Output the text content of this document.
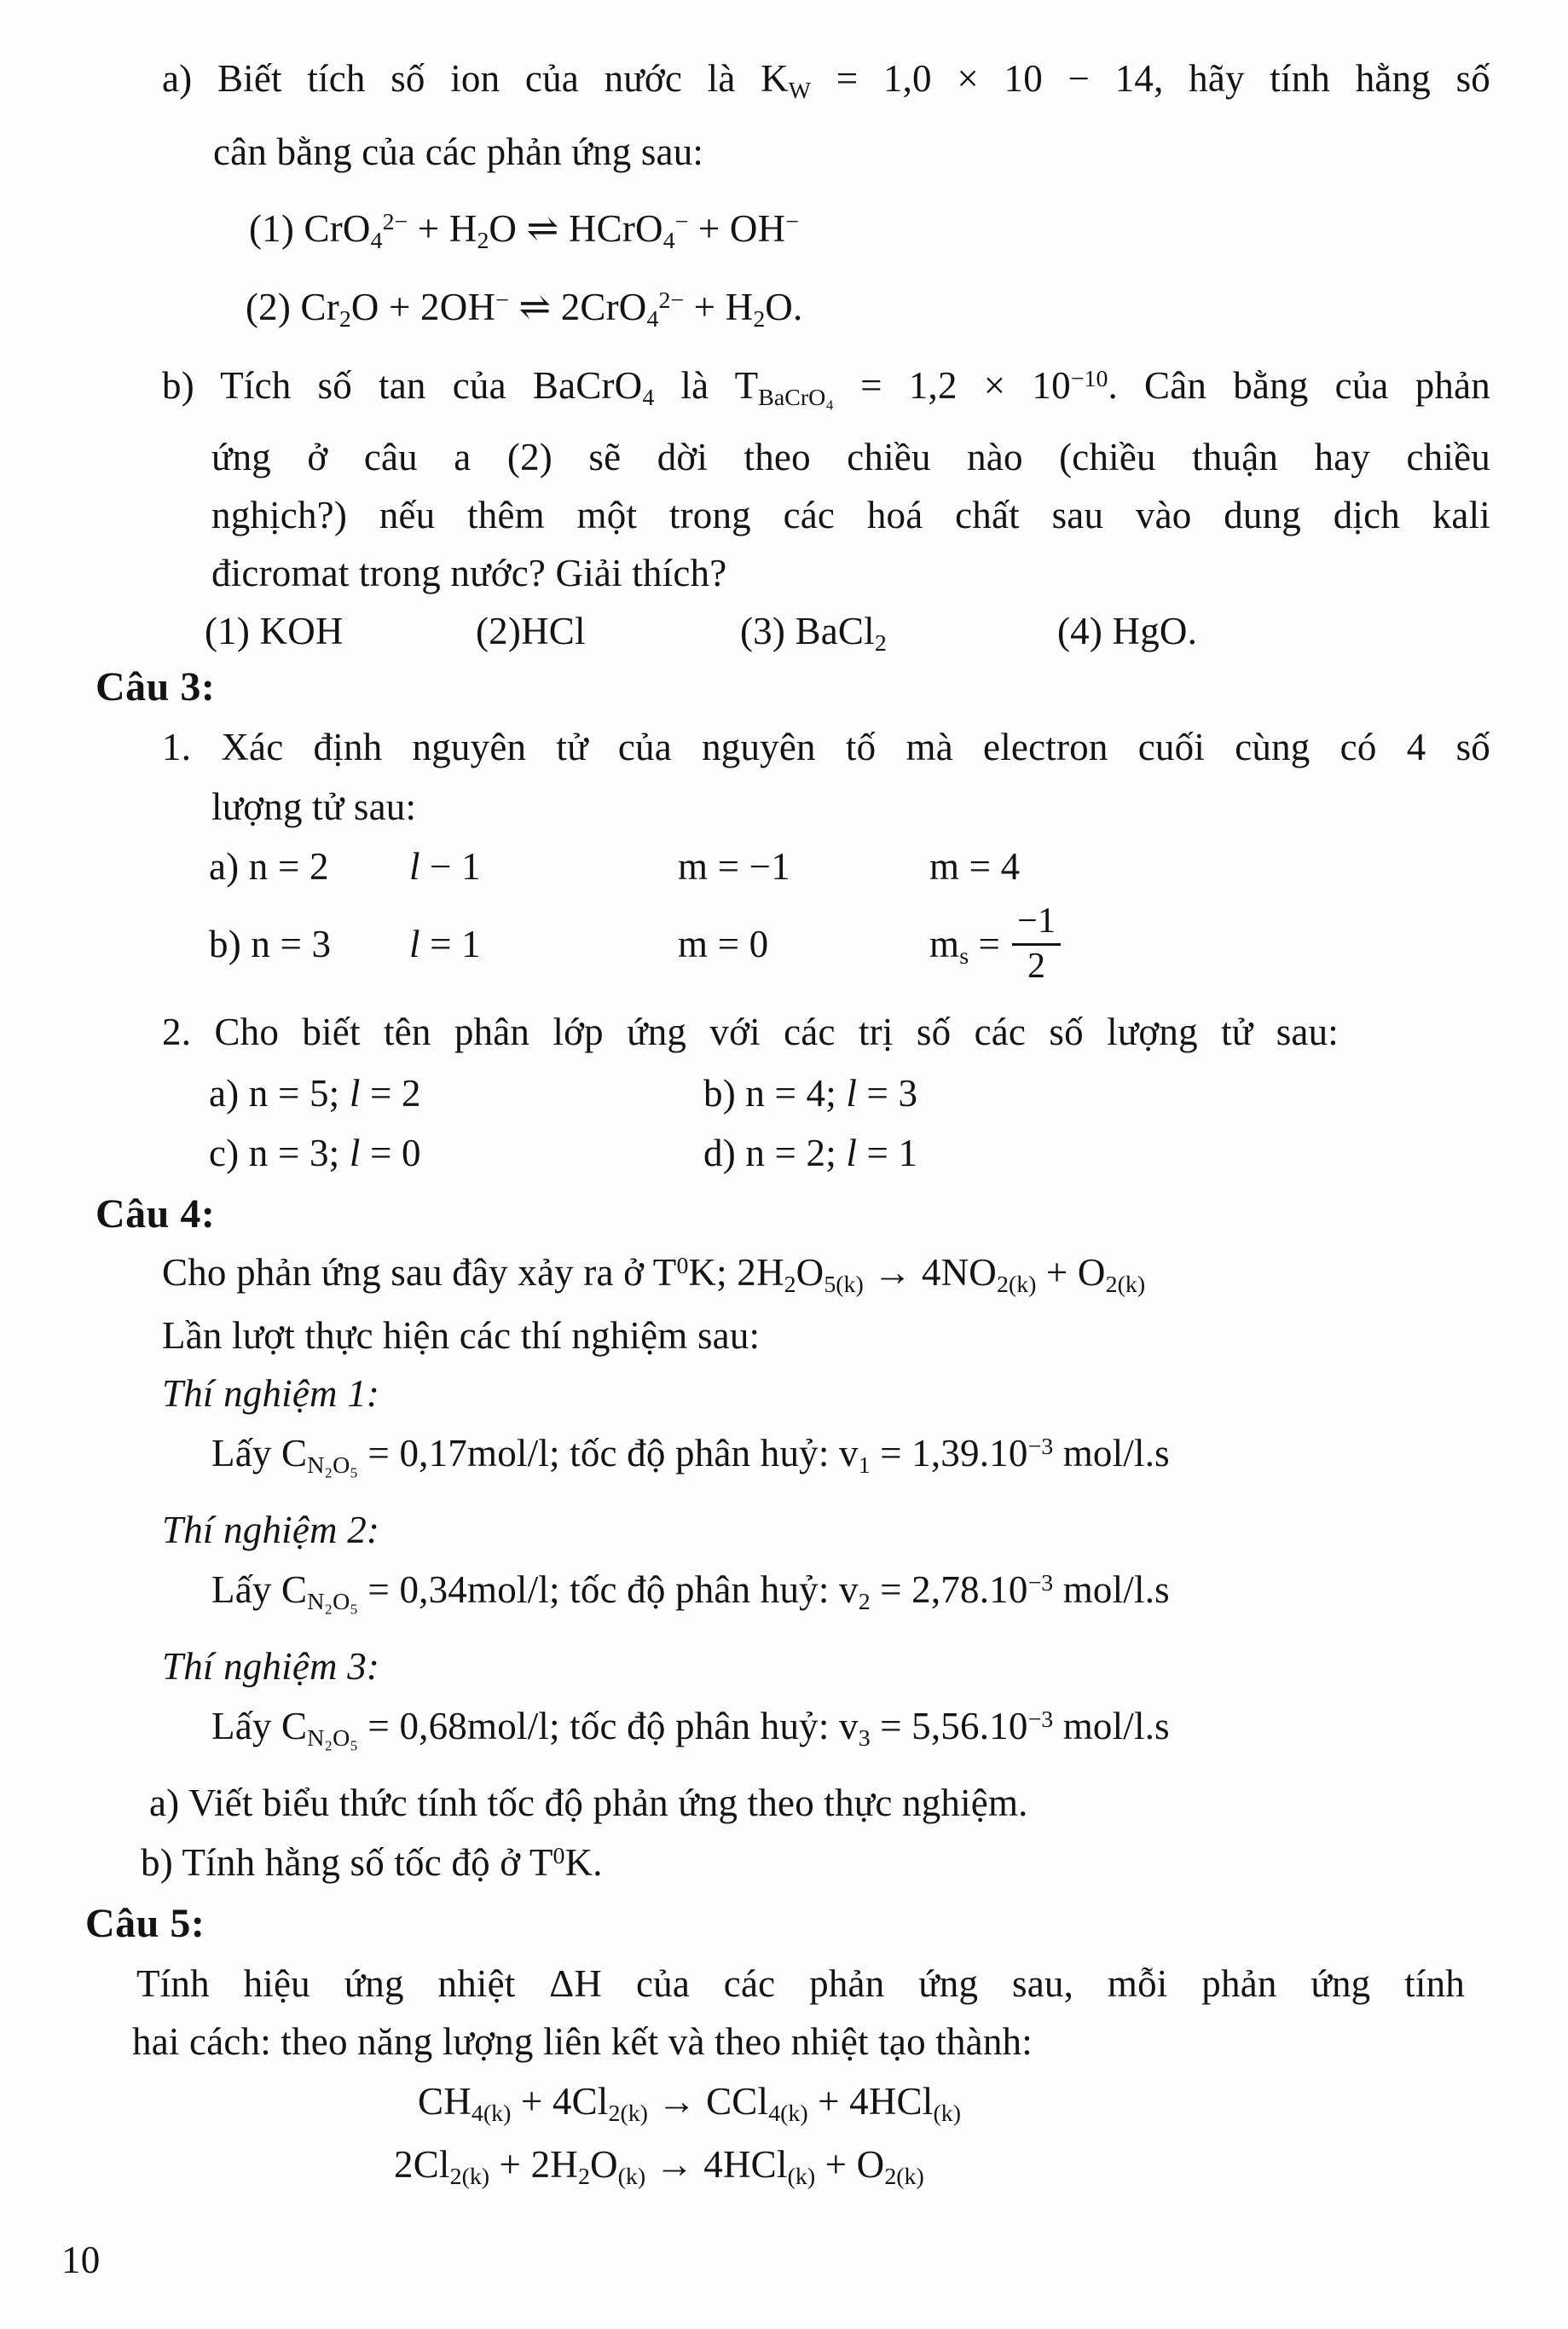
a) Biết tích số ion của nước là $K_W = 1,0 \times 10 - 14$, hãy tính hằng số
cân bằng của các phản ứng sau:
(1) $CrO_4^{2-} + H_2O$ ⇌ HCrO$_4$− + OH−
(2) $Cr_2O + 2OH^-$ ⇌ $2CrO_4^{2-} + H_2O$.
b) Tích số tan của BaCrO$_4$ là $T_{BaCrO_4} = 1,2 \times 10^{-10}$. Cân bằng của phản
ứng ở câu a (2) sẽ dời theo chiều nào (chiều thuận hay chiều
nghịch?) nếu thêm một trong các hoá chất sau vào dung dịch kali
đicromat trong nước? Giải thích?
(1) KOH	(2)HCl	(3) BaCl$_2$	(4) HgO.
Câu 3:
1. Xác định nguyên tử của nguyên tố mà electron cuối cùng có 4 số
lượng tử sau:
a) n = 2	l − 1	m = −1	m = 4
b) n = 3	l = 1	m = 0	$m_s = \frac{-1}{2}$
2. Cho biết tên phân lớp ứng với các trị số các số lượng tử sau:
a) n = 5; l = 2	b) n = 4; l = 3
c) n = 3; l = 0	d) n = 2; l = 1
Câu 4:
Cho phản ứng sau đây xảy ra ở $T^0K$; $2H_2O_{5(k)} \to 4NO_{2(k)} + O_{2(k)}$
Lần lượt thực hiện các thí nghiệm sau:
Thí nghiệm 1:
Lấy $C_{N_2O_5} = 0,17mol/l$; tốc độ phân huỷ: $v_1 = 1,39.10^{-3}$ mol/l.s
Thí nghiệm 2:
Lấy $C_{N_2O_5} = 0,34mol/l$; tốc độ phân huỷ: $v_2 = 2,78.10^{-3}$ mol/l.s
Thí nghiệm 3:
Lấy $C_{N_2O_5} = 0,68mol/l$; tốc độ phân huỷ: $v_3 = 5,56.10^{-3}$ mol/l.s
a) Viết biểu thức tính tốc độ phản ứng theo thực nghiệm.
b) Tính hằng số tốc độ ở $T^0K$.
Câu 5:
Tính hiệu ứng nhiệt ΔH của các phản ứng sau, mỗi phản ứng tính
hai cách: theo năng lượng liên kết và theo nhiệt tạo thành:
$CH_{4(k)} + 4Cl_{2(k)} \to CCl_{4(k)} + 4HCl_{(k)}$
$2Cl_{2(k)} + 2H_2O_{(k)} \to 4HCl_{(k)} + O_{2(k)}$
10
